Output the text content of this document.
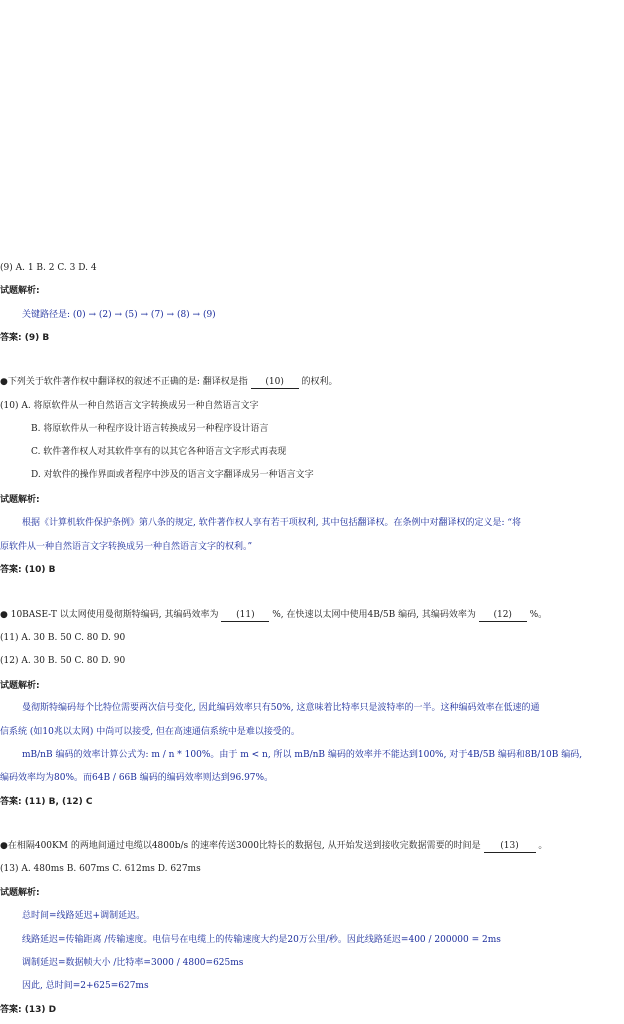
(9) A. 1 B. 2 C. 3 D. 4
试题解析:
关键路径是: (0) → (2) → (5) → (7) → (8) → (9)
答案: (9) B
●下列关于软件著作权中翻译权的叙述不正确的是: 翻译权是指 (10) 的权利。
(10) A. 将原软件从一种自然语言文字转换成另一种自然语言文字
B. 将原软件从一种程序设计语言转换成另一种程序设计语言
C. 软件著作权人对其软件享有的以其它各种语言文字形式再表现
D. 对软件的操作界面或者程序中涉及的语言文字翻译成另一种语言文字
试题解析:
根据《计算机软件保护条例》第八条的规定, 软件著作权人享有若干项权利, 其中包括翻译权。在条例中对翻译权的定义是: “将
原软件从一种自然语言文字转换成另一种自然语言文字的权利。”
答案: (10) B
● 10BASE-T 以太网使用曼彻斯特编码, 其编码效率为 (11) %, 在快速以太网中使用4B/5B 编码, 其编码效率为 (12) %。
(11) A. 30 B. 50 C. 80 D. 90
(12) A. 30 B. 50 C. 80 D. 90
试题解析:
曼彻斯特编码每个比特位需要两次信号变化, 因此编码效率只有50%, 这意味着比特率只是波特率的一半。这种编码效率在低速的通
信系统 (如10兆以太网) 中尚可以接受, 但在高速通信系统中是难以接受的。
mB/nB 编码的效率计算公式为: m / n * 100%。由于 m < n, 所以 mB/nB 编码的效率并不能达到100%, 对于4B/5B 编码和8B/10B 编码,
编码效率均为80%。而64B / 66B 编码的编码效率则达到96.97%。
答案: (11) B, (12) C
●在相隔400KM 的两地间通过电缆以4800b/s 的速率传送3000比特长的数据包, 从开始发送到接收完数据需要的时间是 (13) 。
(13) A. 480ms B. 607ms C. 612ms D. 627ms
试题解析:
总时间=线路延迟+调制延迟。
线路延迟=传输距离 /传输速度。电信号在电缆上的传输速度大约是20万公里/秒。因此线路延迟=400 / 200000 = 2ms
调制延迟=数据帧大小 /比特率=3000 / 4800=625ms
因此, 总时间=2+625=627ms
答案: (13) D
